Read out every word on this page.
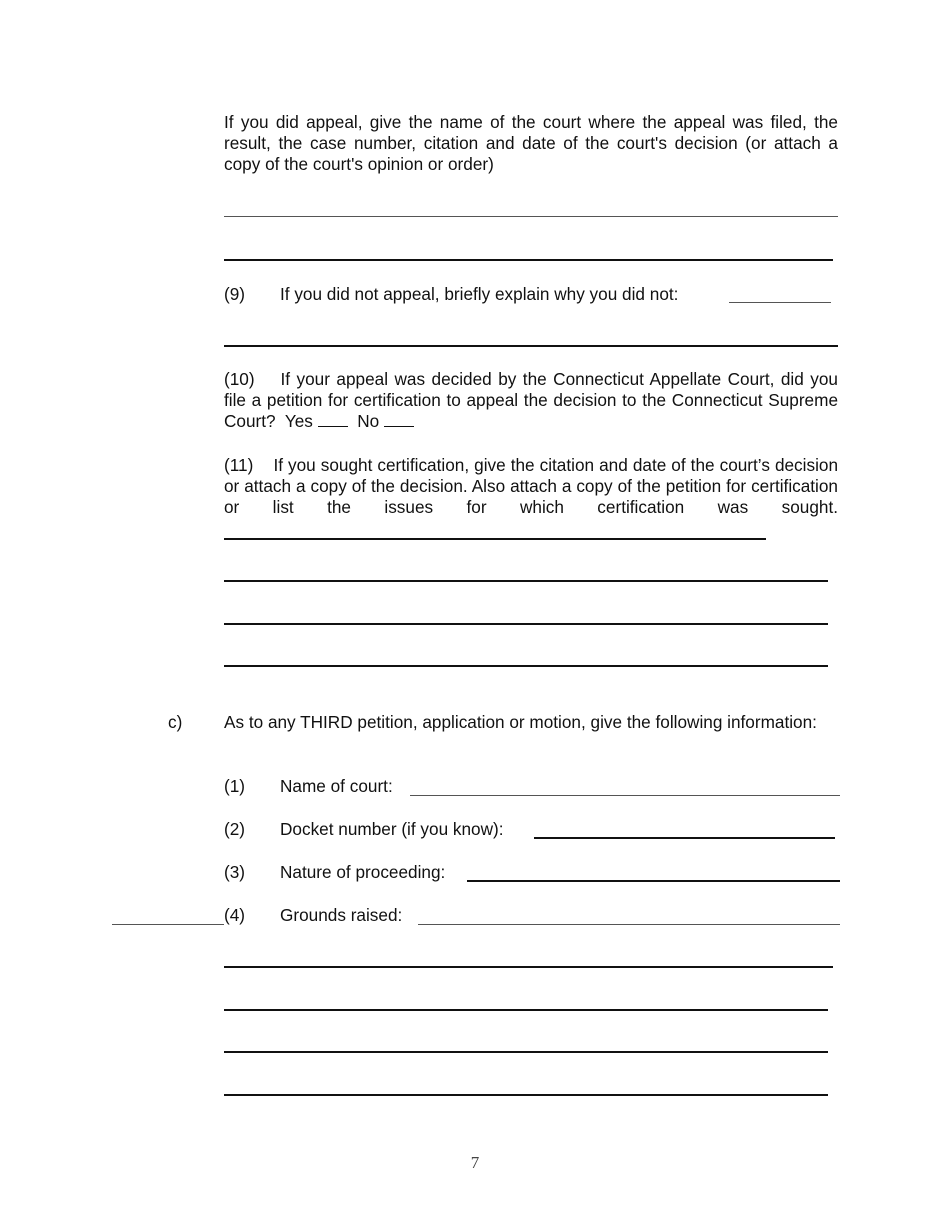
If you did appeal, give the name of the court where the appeal was filed, the result, the case number, citation and date of the court's decision (or attach a copy of the court's opinion or order)
(9) If you did not appeal, briefly explain why you did not:
(10) If your appeal was decided by the Connecticut Appellate Court, did you file a petition for certification to appeal the decision to the Connecticut Supreme Court? Yes	No
(11) If you sought certification, give the citation and date of the court’s decision or attach a copy of the decision. Also attach a copy of the petition for certification or list the issues for which certification was sought.
c) As to any THIRD petition, application or motion, give the following information:
(1) Name of court:
(2) Docket number (if you know):
(3) Nature of proceeding:
(4) Grounds raised:
7
